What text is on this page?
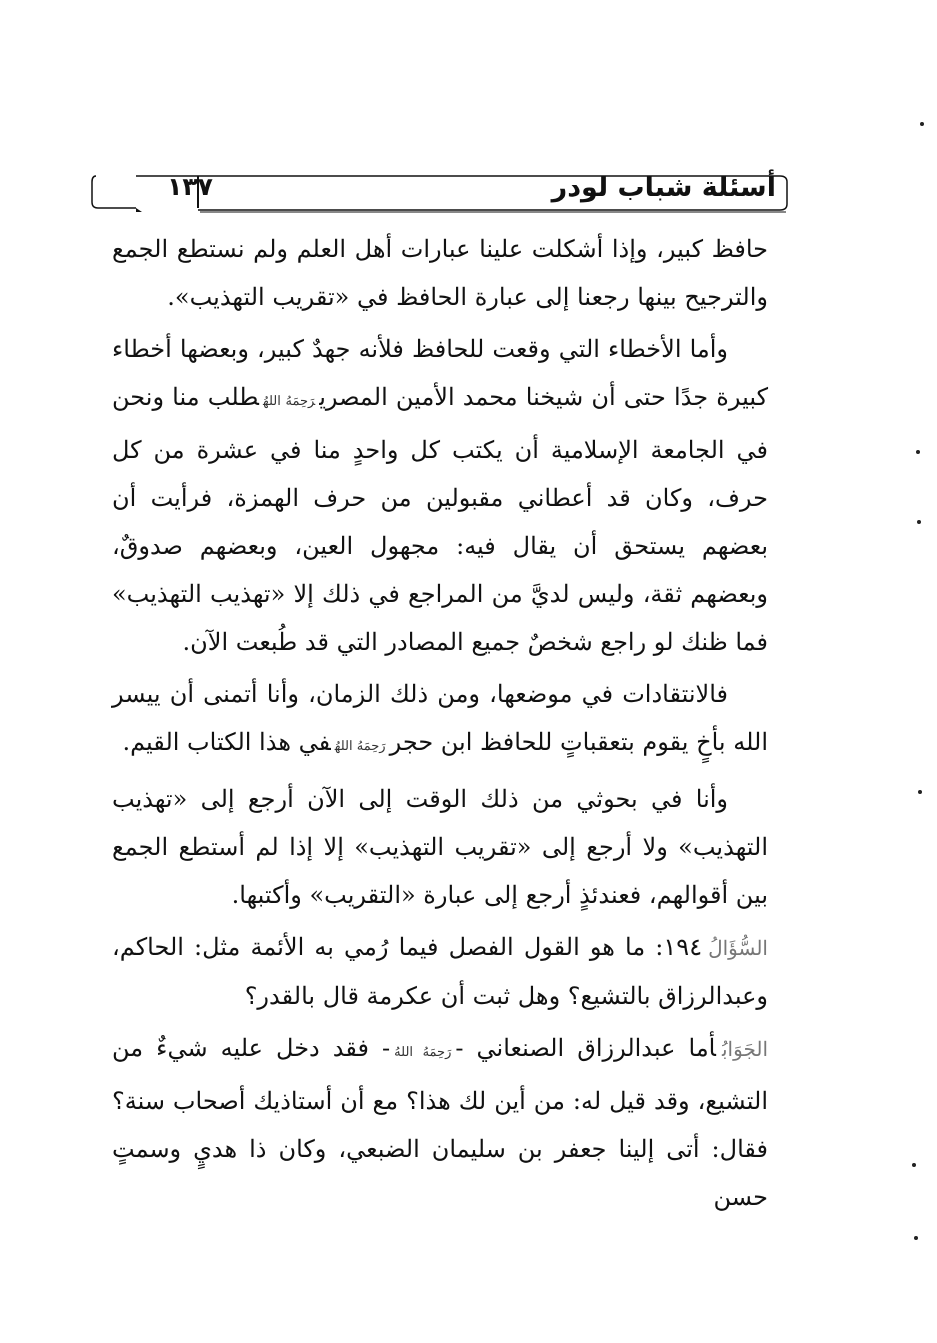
١٣٧	أسئلة شباب لودر

حافظ كبير، وإذا أشكلت علينا عبارات أهل العلم ولم نستطع الجمع والترجيح بينها رجعنا إلى عبارة الحافظ في «تقريب التهذيب».

وأما الأخطاء التي وقعت للحافظ فلأنه جهدٌ كبير، وبعضها أخطاء كبيرة جدًا حتى أن شيخنا محمد الأمين المصريرَحِمَهُ اللهُطلب منا ونحن في الجامعة الإسلامية أن يكتب كل واحدٍ منا في عشرة من كل حرف، وكان قد أعطاني مقبولين من حرف الهمزة، فرأيت أن بعضهم يستحق أن يقال فيه: مجهول العين، وبعضهم صدوقٌ، وبعضهم ثقة، وليس لديَّ من المراجع في ذلك إلا «تهذيب التهذيب» فما ظنك لو راجع شخصٌ جميع المصادر التي قد طُبعت الآن.

فالانتقادات في موضعها، ومن ذلك الزمان، وأنا أتمنى أن ييسر الله بأخٍ يقوم بتعقباتٍ للحافظ ابن حجررَحِمَهُ اللهُفي هذا الكتاب القيم.

وأنا في بحوثي من ذلك الوقت إلى الآن أرجع إلى «تهذيب التهذيب» ولا أرجع إلى «تقريب التهذيب» إلا إذا لم أستطع الجمع بين أقوالهم، فعندئذٍ أرجع إلى عبارة «التقريب» وأكتبها.

السُّؤَالُ١٩٤: ما هو القول الفصل فيما رُمي به الأئمة مثل: الحاكم، وعبدالرزاق بالتشيع؟ وهل ثبت أن عكرمة قال بالقدر؟

الجَوَابُأما عبدالرزاق الصنعاني -رَحِمَهُ اللهُ- فقد دخل عليه شيءٌ من التشيع، وقد قيل له: من أين لك هذا؟ مع أن أستاذيك أصحاب سنة؟ فقال: أتى إلينا جعفر بن سليمان الضبعي، وكان ذا هديٍ وسمتٍ حسن
